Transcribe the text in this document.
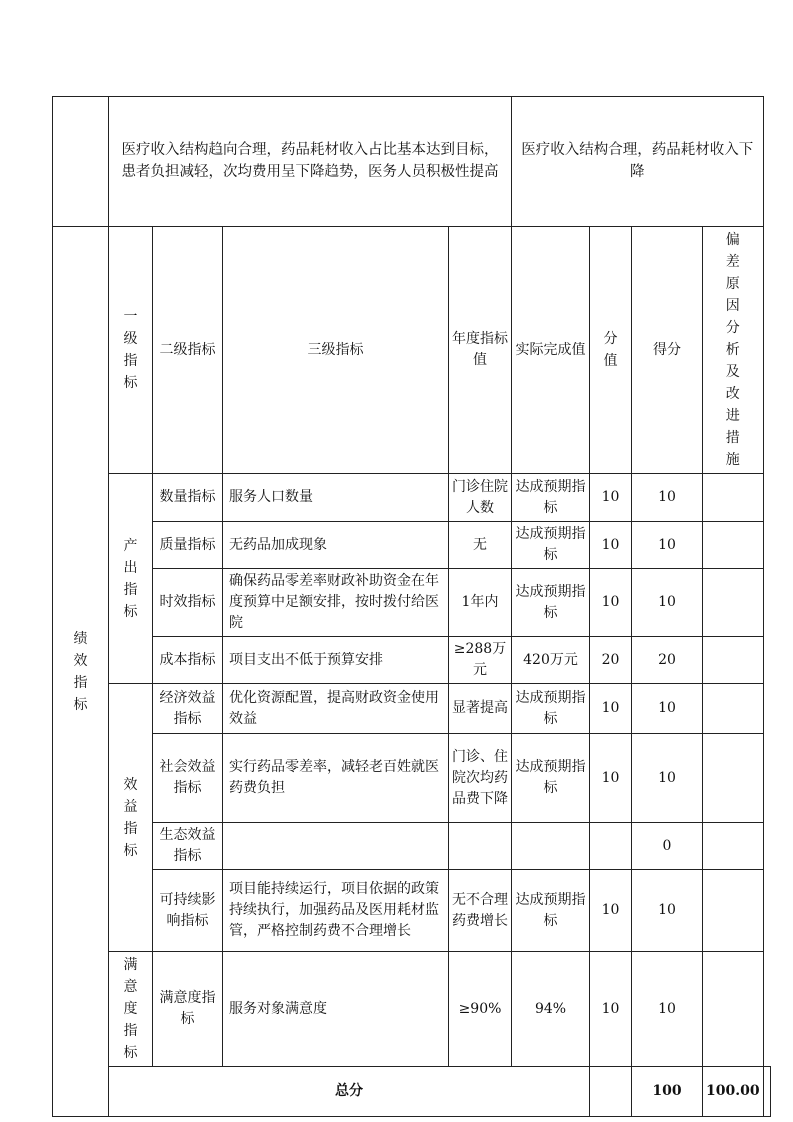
	医疗收入结构趋向合理，药品耗材收入占比基本达到目标，患者负担减轻，次均费用呈下降趋势，医务人员积极性提高				医疗收入结构合理，药品耗材收入下降				
绩效指标	一级指标	二级指标	三级指标	年度指标值	实际完成值	分值	得分	偏差原因分析及改进措施	
	产出指标	数量指标	服务人口数量	门诊住院人数	达成预期指标	10	10		
		质量指标	无药品加成现象	无	达成预期指标	10	10		
		时效指标	确保药品零差率财政补助资金在年度预算中足额安排，按时拨付给医院	1年内	达成预期指标	10	10		
		成本指标	项目支出不低于预算安排	≥288万元	420万元	20	20		
	效益指标	经济效益指标	优化资源配置，提高财政资金使用效益	显著提高	达成预期指标	10	10		
		社会效益指标	实行药品零差率，减轻老百姓就医药费负担	门诊、住院次均药品费下降	达成预期指标	10	10		
		生态效益指标					0		
		可持续影响指标	项目能持续运行，项目依据的政策持续执行，加强药品及医用耗材监管，严格控制药费不合理增长	无不合理药费增长	达成预期指标	10	10		
	满意度指标	满意度指标	服务对象满意度	≥90%	94%	10	10		
	总分						100	100.00	
